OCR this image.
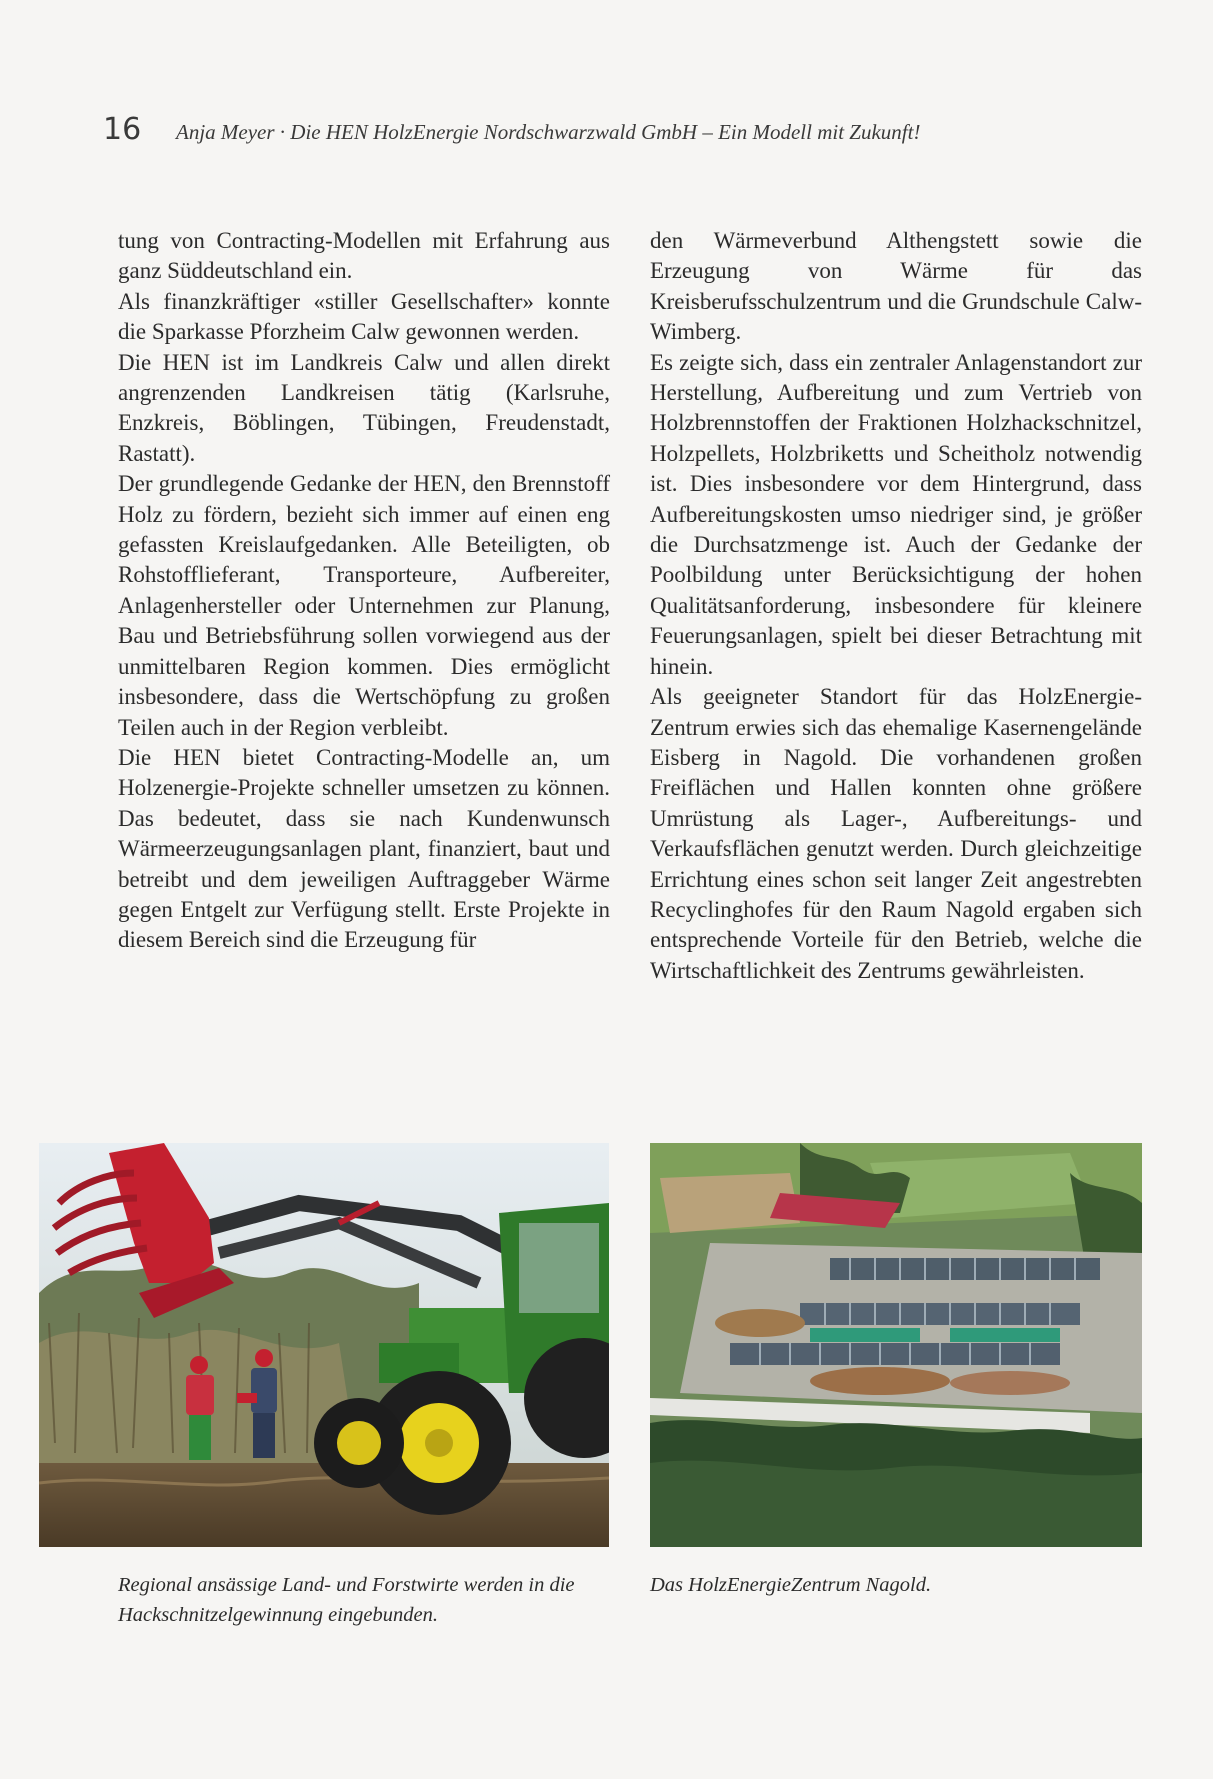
16	Anja Meyer · Die HEN HolzEnergie Nordschwarzwald GmbH – Ein Modell mit Zukunft!

tung von Contracting-Modellen mit Erfahrung aus ganz Süddeutschland ein.

Als finanzkräftiger «stiller Gesellschafter» konnte die Sparkasse Pforzheim Calw gewonnen werden.

Die HEN ist im Landkreis Calw und allen direkt angrenzenden Landkreisen tätig (Karlsruhe, Enzkreis, Böblingen, Tübingen, Freudenstadt, Rastatt).

Der grundlegende Gedanke der HEN, den Brennstoff Holz zu fördern, bezieht sich immer auf einen eng gefassten Kreislaufgedanken. Alle Beteiligten, ob Rohstofflieferant, Transporteure, Aufbereiter, Anlagenhersteller oder Unternehmen zur Planung, Bau und Betriebsführung sollen vorwiegend aus der unmittelbaren Region kommen. Dies ermöglicht insbesondere, dass die Wertschöpfung zu großen Teilen auch in der Region verbleibt.

Die HEN bietet Contracting-Modelle an, um Holzenergie-Projekte schneller umsetzen zu können. Das bedeutet, dass sie nach Kundenwunsch Wärmeerzeugungsanlagen plant, finanziert, baut und betreibt und dem jeweiligen Auftraggeber Wärme gegen Entgelt zur Verfügung stellt. Erste Projekte in diesem Bereich sind die Erzeugung für

den Wärmeverbund Althengstett sowie die Erzeugung von Wärme für das Kreisberufsschulzentrum und die Grundschule Calw-Wimberg.

Es zeigte sich, dass ein zentraler Anlagenstandort zur Herstellung, Aufbereitung und zum Vertrieb von Holzbrennstoffen der Fraktionen Holzhackschnitzel, Holzpellets, Holzbriketts und Scheitholz notwendig ist. Dies insbesondere vor dem Hintergrund, dass Aufbereitungskosten umso niedriger sind, je größer die Durchsatzmenge ist. Auch der Gedanke der Poolbildung unter Berücksichtigung der hohen Qualitätsanforderung, insbesondere für kleinere Feuerungsanlagen, spielt bei dieser Betrachtung mit hinein.

Als geeigneter Standort für das HolzEnergie-Zentrum erwies sich das ehemalige Kasernengelände Eisberg in Nagold. Die vorhandenen großen Freiflächen und Hallen konnten ohne größere Umrüstung als Lager-, Aufbereitungs- und Verkaufsflächen genutzt werden. Durch gleichzeitige Errichtung eines schon seit langer Zeit angestrebten Recyclinghofes für den Raum Nagold ergaben sich entsprechende Vorteile für den Betrieb, welche die Wirtschaftlichkeit des Zentrums gewährleisten.

Regional ansässige Land- und Forstwirte werden in die Hackschnitzelgewinnung eingebunden.
Das HolzEnergieZentrum Nagold.
